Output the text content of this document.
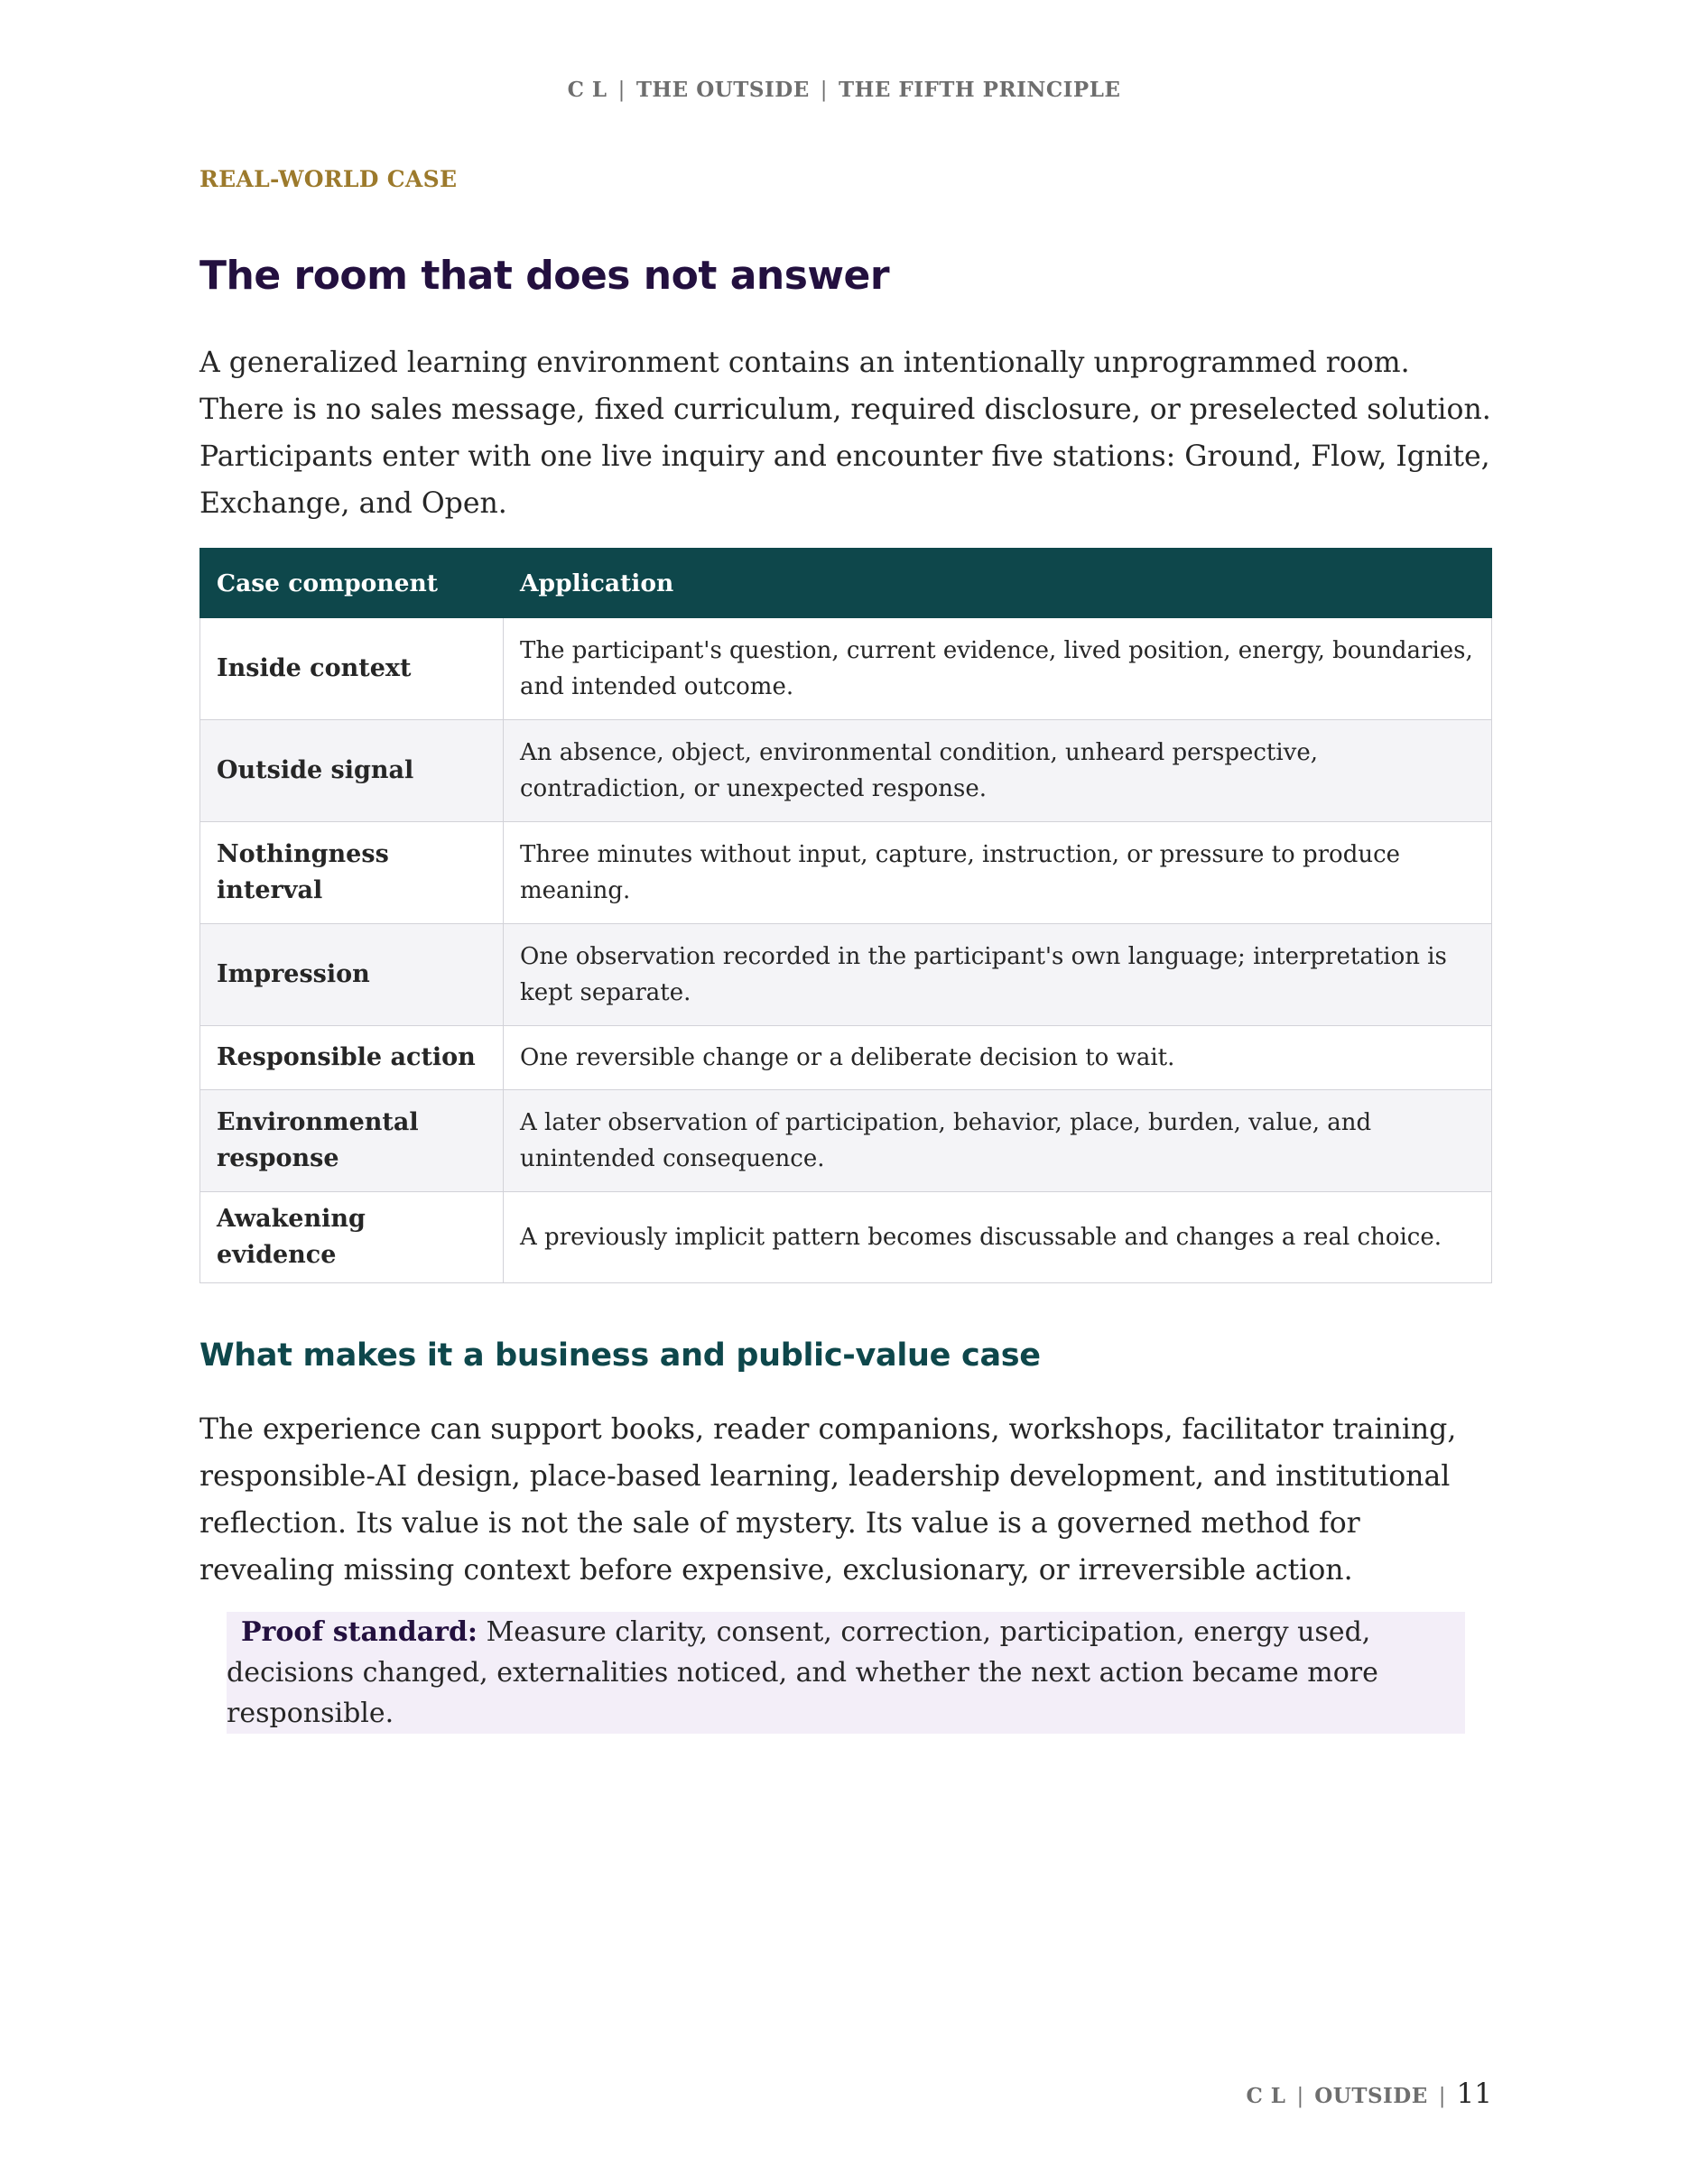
C L | THE OUTSIDE | THE FIFTH PRINCIPLE
REAL-WORLD CASE
The room that does not answer

A generalized learning environment contains an intentionally unprogrammed room. There is no sales message, fixed curriculum, required disclosure, or preselected solution. Participants enter with one live inquiry and encounter five stations: Ground, Flow, Ignite, Exchange, and Open.

Case component	Application
Inside context	The participant's question, current evidence, lived position, energy, boundaries, and intended outcome.
Outside signal	An absence, object, environmental condition, unheard perspective, contradiction, or unexpected response.
Nothingness interval	Three minutes without input, capture, instruction, or pressure to produce meaning.
Impression	One observation recorded in the participant's own language; interpretation is kept separate.
Responsible action	One reversible change or a deliberate decision to wait.
Environmental response	A later observation of participation, behavior, place, burden, value, and unintended consequence.
Awakening evidence	A previously implicit pattern becomes discussable and changes a real choice.
What makes it a business and public-value case

The experience can support books, reader companions, workshops, facilitator training, responsible-AI design, place-based learning, leadership development, and institutional reflection. Its value is not the sale of mystery. Its value is a governed method for revealing missing context before expensive, exclusionary, or irreversible action.

Proof standard: Measure clarity, consent, correction, participation, energy used, decisions changed, externalities noticed, and whether the next action became more responsible.
C L | OUTSIDE | 11
